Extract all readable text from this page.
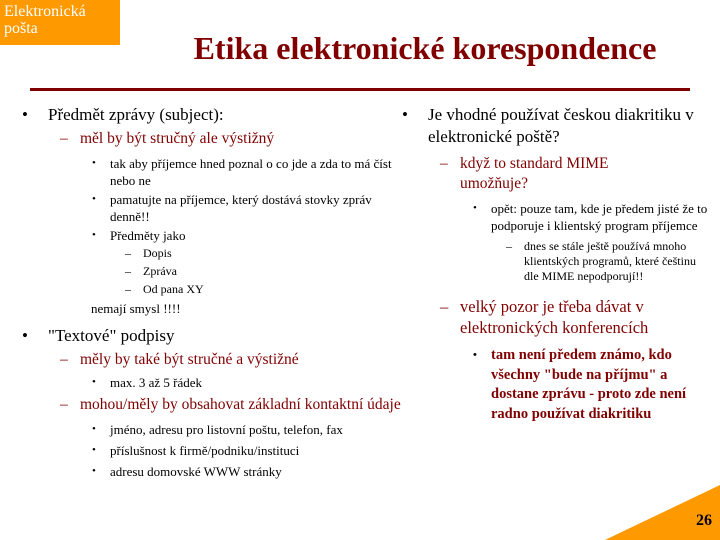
Elektronická
pošta
Etika elektronické korespondence
• Předmět zprávy (subject):
– měl by být stručný ale výstižný
• tak aby příjemce hned poznal o co jde a zda to má číst nebo ne
• pamatujte na příjemce, který dostává stovky zpráv denně!!
• Předměty jako
– Dopis
– Zpráva
– Od pana XY
nemají smysl !!!!
• "Textové" podpisy
– měly by také být stručné a výstižné
• max. 3 až 5 řádek
– mohou/měly by obsahovat základní kontaktní údaje
• jméno, adresu pro listovní poštu, telefon, fax
• příslušnost k firmě/podniku/instituci
• adresu domovské WWW stránky
• Je vhodné používat českou diakritiku v elektronické poště?
– když to standard MIME umožňuje?
• opět: pouze tam, kde je předem jisté že to podporuje i klientský program příjemce
– dnes se stále ještě používá mnoho klientských programů, které češtinu dle MIME nepodporují!!
– velký pozor je třeba dávat v elektronických konferencích
• tam není předem známo, kdo všechny "bude na příjmu" a dostane zprávu - proto zde není radno používat diakritiku
26
